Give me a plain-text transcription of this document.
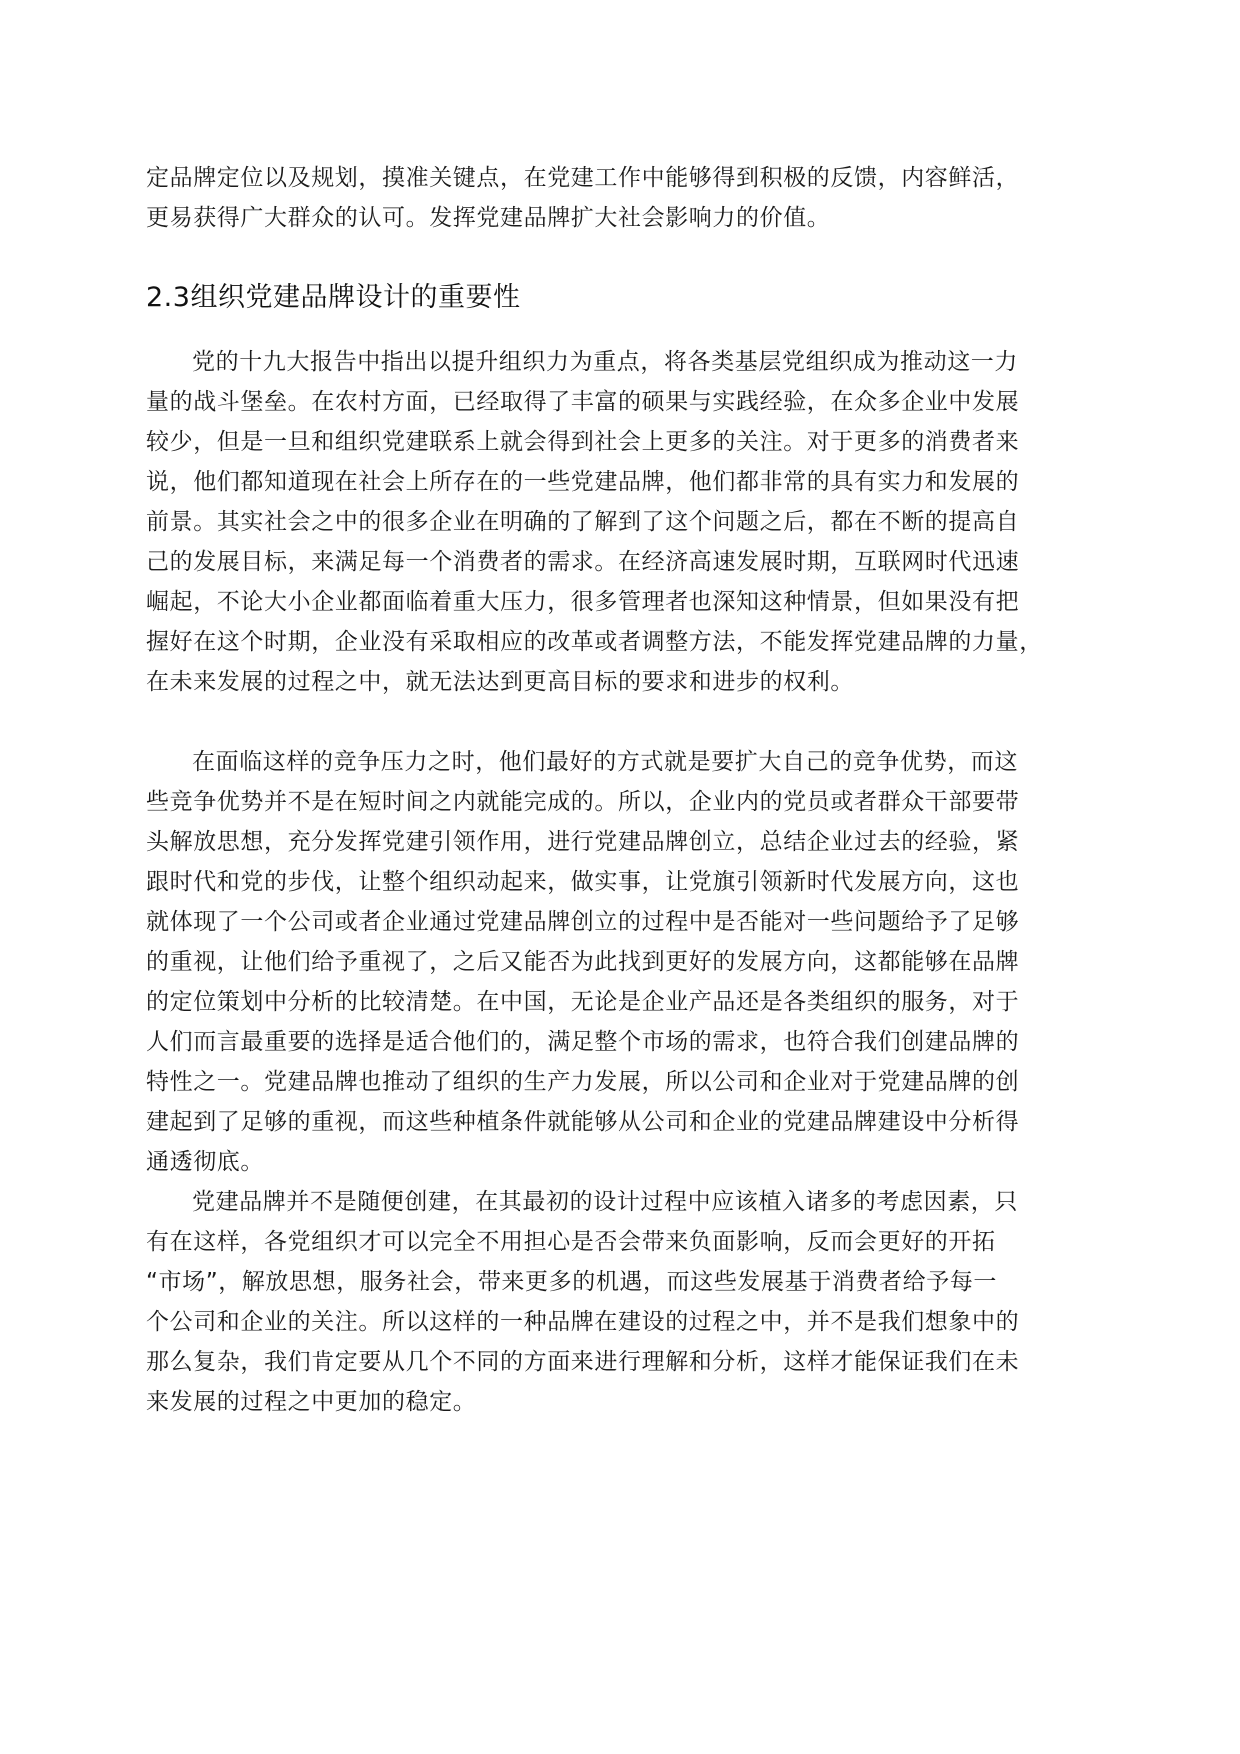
定品牌定位以及规划，摸准关键点，在党建工作中能够得到积极的反馈，内容鲜活，
更易获得广大群众的认可。发挥党建品牌扩大社会影响力的价值。
2.3组织党建品牌设计的重要性
党的十九大报告中指出以提升组织力为重点，将各类基层党组织成为推动这一力
量的战斗堡垒。在农村方面，已经取得了丰富的硕果与实践经验，在众多企业中发展
较少，但是一旦和组织党建联系上就会得到社会上更多的关注。对于更多的消费者来
说，他们都知道现在社会上所存在的一些党建品牌，他们都非常的具有实力和发展的
前景。其实社会之中的很多企业在明确的了解到了这个问题之后，都在不断的提高自
己的发展目标，来满足每一个消费者的需求。在经济高速发展时期，互联网时代迅速
崛起，不论大小企业都面临着重大压力，很多管理者也深知这种情景，但如果没有把
握好在这个时期，企业没有采取相应的改革或者调整方法，不能发挥党建品牌的力量，
在未来发展的过程之中，就无法达到更高目标的要求和进步的权利。
在面临这样的竞争压力之时，他们最好的方式就是要扩大自己的竞争优势，而这
些竞争优势并不是在短时间之内就能完成的。所以，企业内的党员或者群众干部要带
头解放思想，充分发挥党建引领作用，进行党建品牌创立，总结企业过去的经验，紧
跟时代和党的步伐，让整个组织动起来，做实事，让党旗引领新时代发展方向，这也
就体现了一个公司或者企业通过党建品牌创立的过程中是否能对一些问题给予了足够
的重视，让他们给予重视了，之后又能否为此找到更好的发展方向，这都能够在品牌
的定位策划中分析的比较清楚。在中国，无论是企业产品还是各类组织的服务，对于
人们而言最重要的选择是适合他们的，满足整个市场的需求，也符合我们创建品牌的
特性之一。党建品牌也推动了组织的生产力发展，所以公司和企业对于党建品牌的创
建起到了足够的重视，而这些种植条件就能够从公司和企业的党建品牌建设中分析得
通透彻底。
党建品牌并不是随便创建，在其最初的设计过程中应该植入诸多的考虑因素，只
有在这样，各党组织才可以完全不用担心是否会带来负面影响，反而会更好的开拓
“市场”，解放思想，服务社会，带来更多的机遇，而这些发展基于消费者给予每一
个公司和企业的关注。所以这样的一种品牌在建设的过程之中，并不是我们想象中的
那么复杂，我们肯定要从几个不同的方面来进行理解和分析，这样才能保证我们在未
来发展的过程之中更加的稳定。
